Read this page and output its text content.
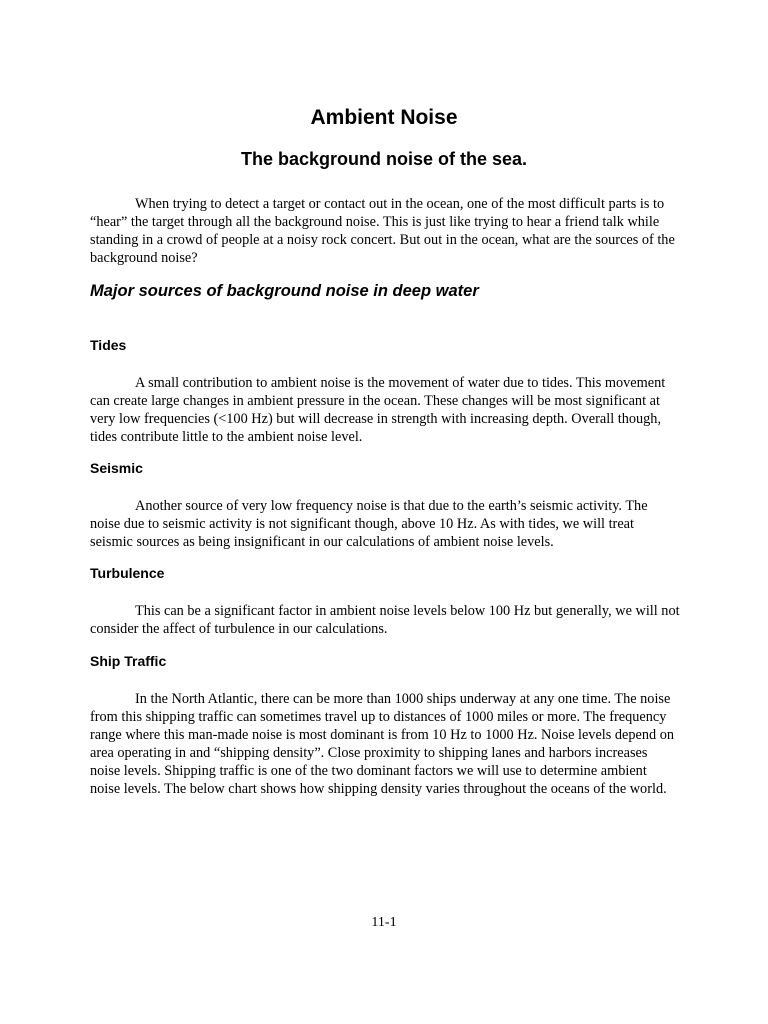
Ambient Noise
The background noise of the sea.

When trying to detect a target or contact out in the ocean, one of the most difficult parts is to “hear” the target through all the background noise. This is just like trying to hear a friend talk while standing in a crowd of people at a noisy rock concert. But out in the ocean, what are the sources of the background noise?

Major sources of background noise in deep water
Tides

A small contribution to ambient noise is the movement of water due to tides. This movement can create large changes in ambient pressure in the ocean. These changes will be most significant at very low frequencies (<100 Hz) but will decrease in strength with increasing depth. Overall though, tides contribute little to the ambient noise level.

Seismic

Another source of very low frequency noise is that due to the earth’s seismic activity. The noise due to seismic activity is not significant though, above 10 Hz. As with tides, we will treat seismic sources as being insignificant in our calculations of ambient noise levels.

Turbulence

This can be a significant factor in ambient noise levels below 100 Hz but generally, we will not consider the affect of turbulence in our calculations.

Ship Traffic

In the North Atlantic, there can be more than 1000 ships underway at any one time. The noise from this shipping traffic can sometimes travel up to distances of 1000 miles or more. The frequency range where this man-made noise is most dominant is from 10 Hz to 1000 Hz. Noise levels depend on area operating in and “shipping density”. Close proximity to shipping lanes and harbors increases noise levels. Shipping traffic is one of the two dominant factors we will use to determine ambient noise levels. The below chart shows how shipping density varies throughout the oceans of the world.

11-1
